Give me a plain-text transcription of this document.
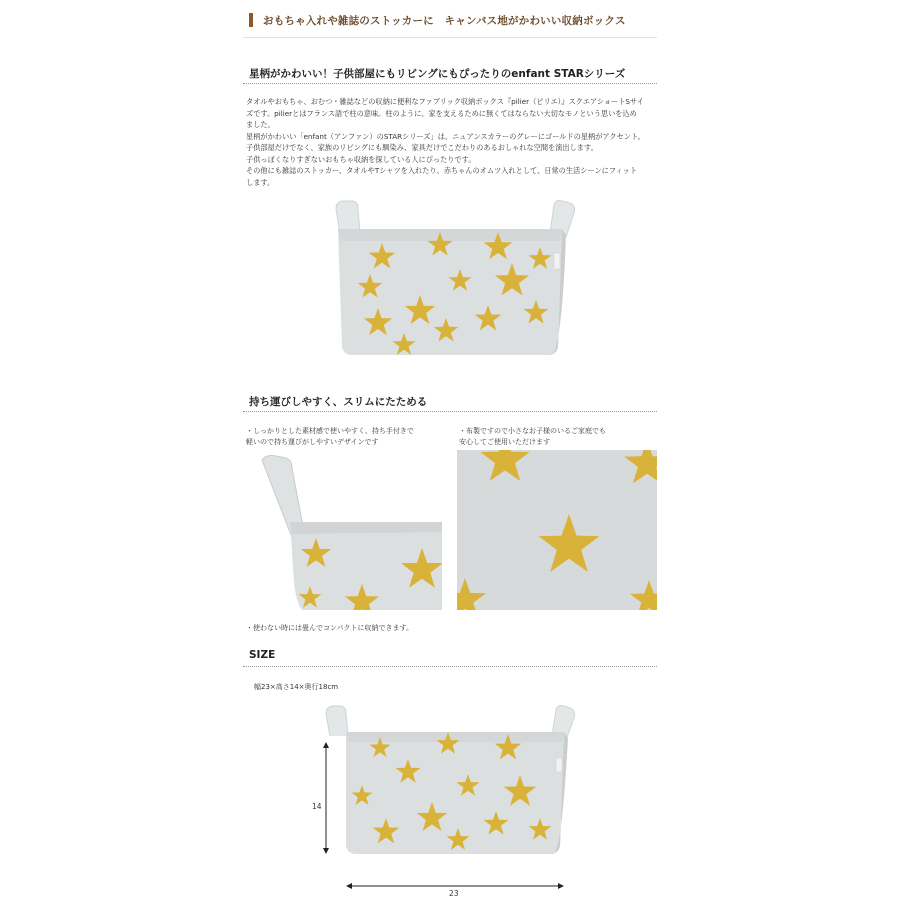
おもちゃ入れや雑誌のストッカーに　キャンバス地がかわいい収納ボックス
星柄がかわいい！子供部屋にもリビングにもぴったりのenfant STARシリーズ
タオルやおもちゃ、おむつ・雑誌などの収納に便利なファブリック収納ボックス『pilier（ピリエ）』スクエアショートSサイ
ズです。pilierとはフランス語で柱の意味。柱のように、家を支えるために無くてはならない大切なモノという思いを込め
ました。
星柄がかわいい「enfant（アンファン）のSTARシリーズ」は、ニュアンスカラーのグレーにゴールドの星柄がアクセント。
子供部屋だけでなく、家族のリビングにも馴染み、家具だけでこだわりのあるおしゃれな空間を演出します。
子供っぽくなりすぎないおもちゃ収納を探している人にぴったりです。
その他にも雑誌のストッカー、タオルやTシャツを入れたり、赤ちゃんのオムツ入れとして、日常の生活シーンにフィット
します。
持ち運びしやすく、スリムにたためる
・しっかりとした素材感で使いやすく、持ち手付きで
軽いので持ち運びがしやすいデザインです
・布製ですので小さなお子様のいるご家庭でも
安心してご使用いただけます
・使わない時には畳んでコンパクトに収納できます。
SIZE
幅23×高さ14×奥行18cm
14
23
